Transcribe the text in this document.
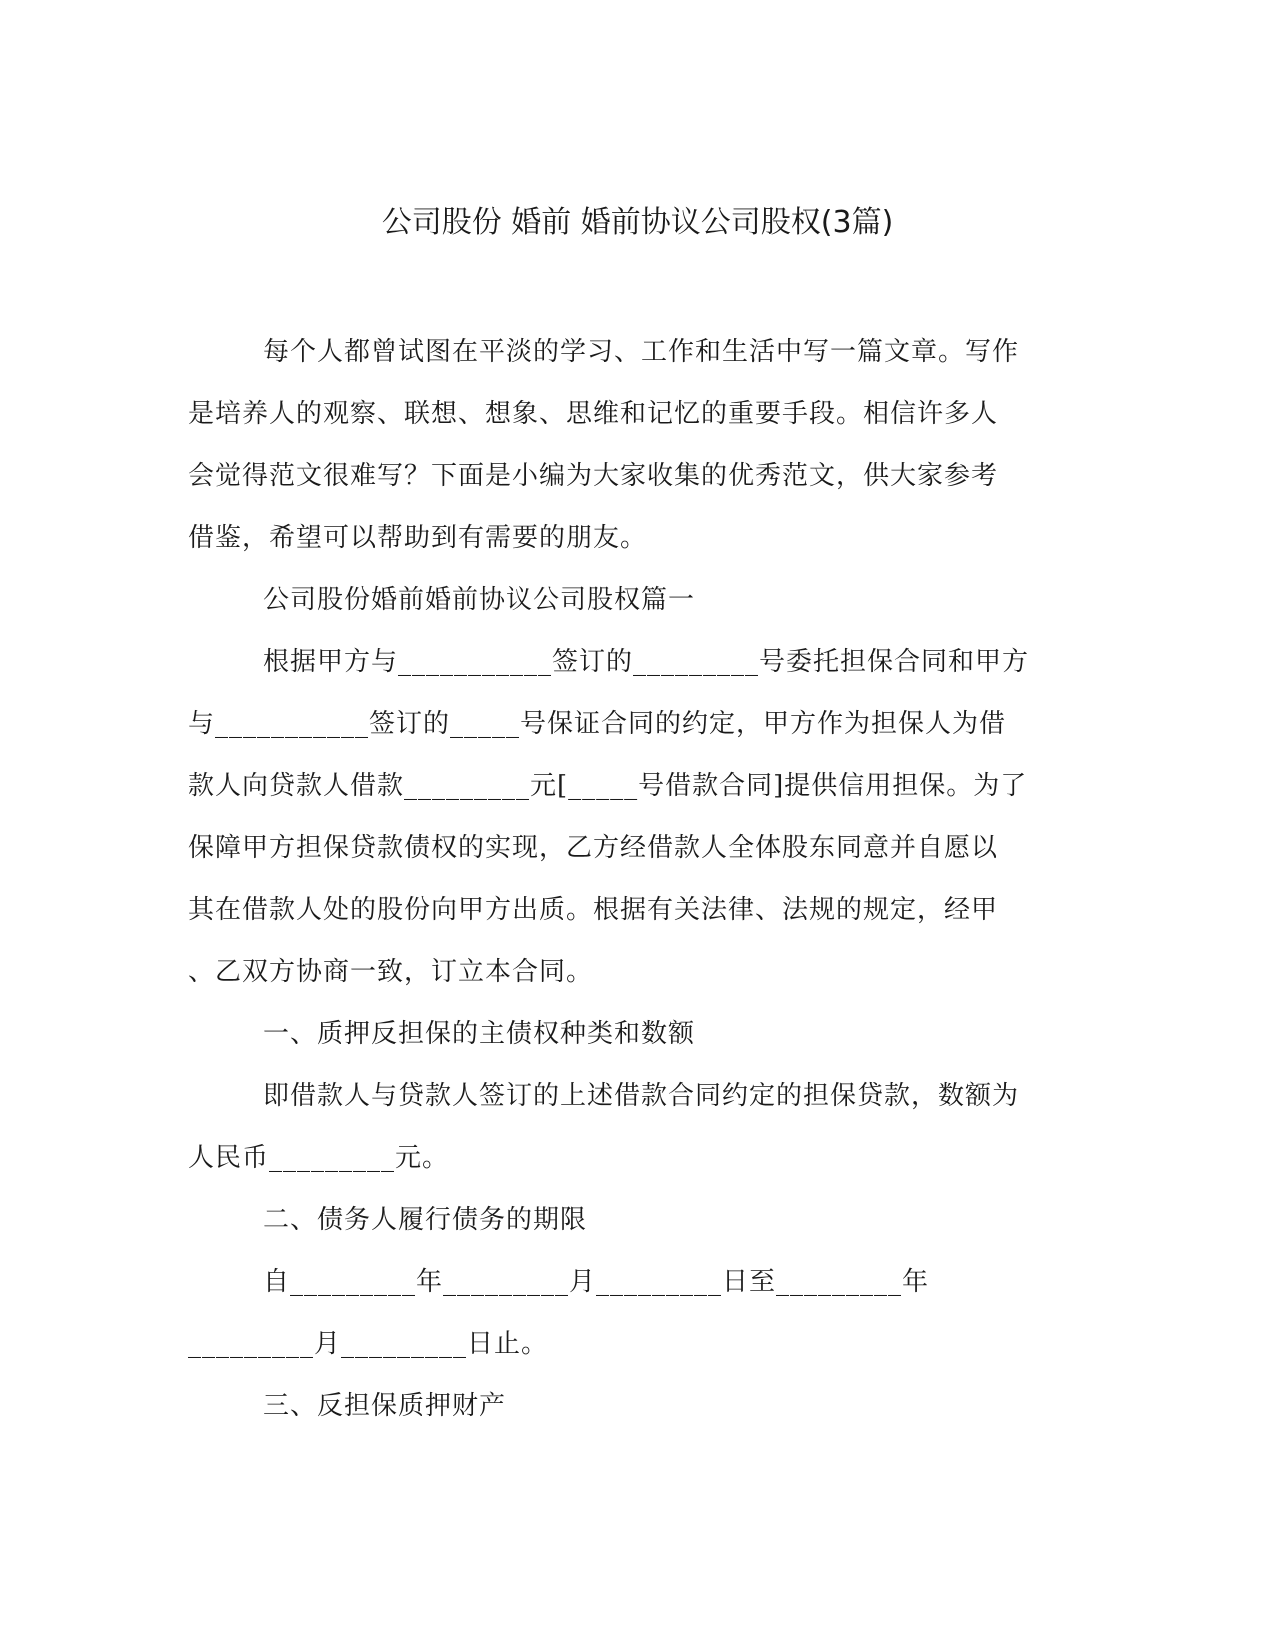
公司股份 婚前 婚前协议公司股权(3篇)
每个人都曾试图在平淡的学习、工作和生活中写一篇文章。写作
是培养人的观察、联想、想象、思维和记忆的重要手段。相信许多人
会觉得范文很难写？下面是小编为大家收集的优秀范文，供大家参考
借鉴，希望可以帮助到有需要的朋友。
公司股份婚前婚前协议公司股权篇一
根据甲方与___________签订的_________号委托担保合同和甲方
与___________签订的_____号保证合同的约定，甲方作为担保人为借
款人向贷款人借款_________元[_____号借款合同]提供信用担保。为了
保障甲方担保贷款债权的实现，乙方经借款人全体股东同意并自愿以
其在借款人处的股份向甲方出质。根据有关法律、法规的规定，经甲
、乙双方协商一致，订立本合同。
一、质押反担保的主债权种类和数额
即借款人与贷款人签订的上述借款合同约定的担保贷款，数额为
人民币_________元。
二、债务人履行债务的期限
自_________年_________月_________日至_________年
_________月_________日止。
三、反担保质押财产
